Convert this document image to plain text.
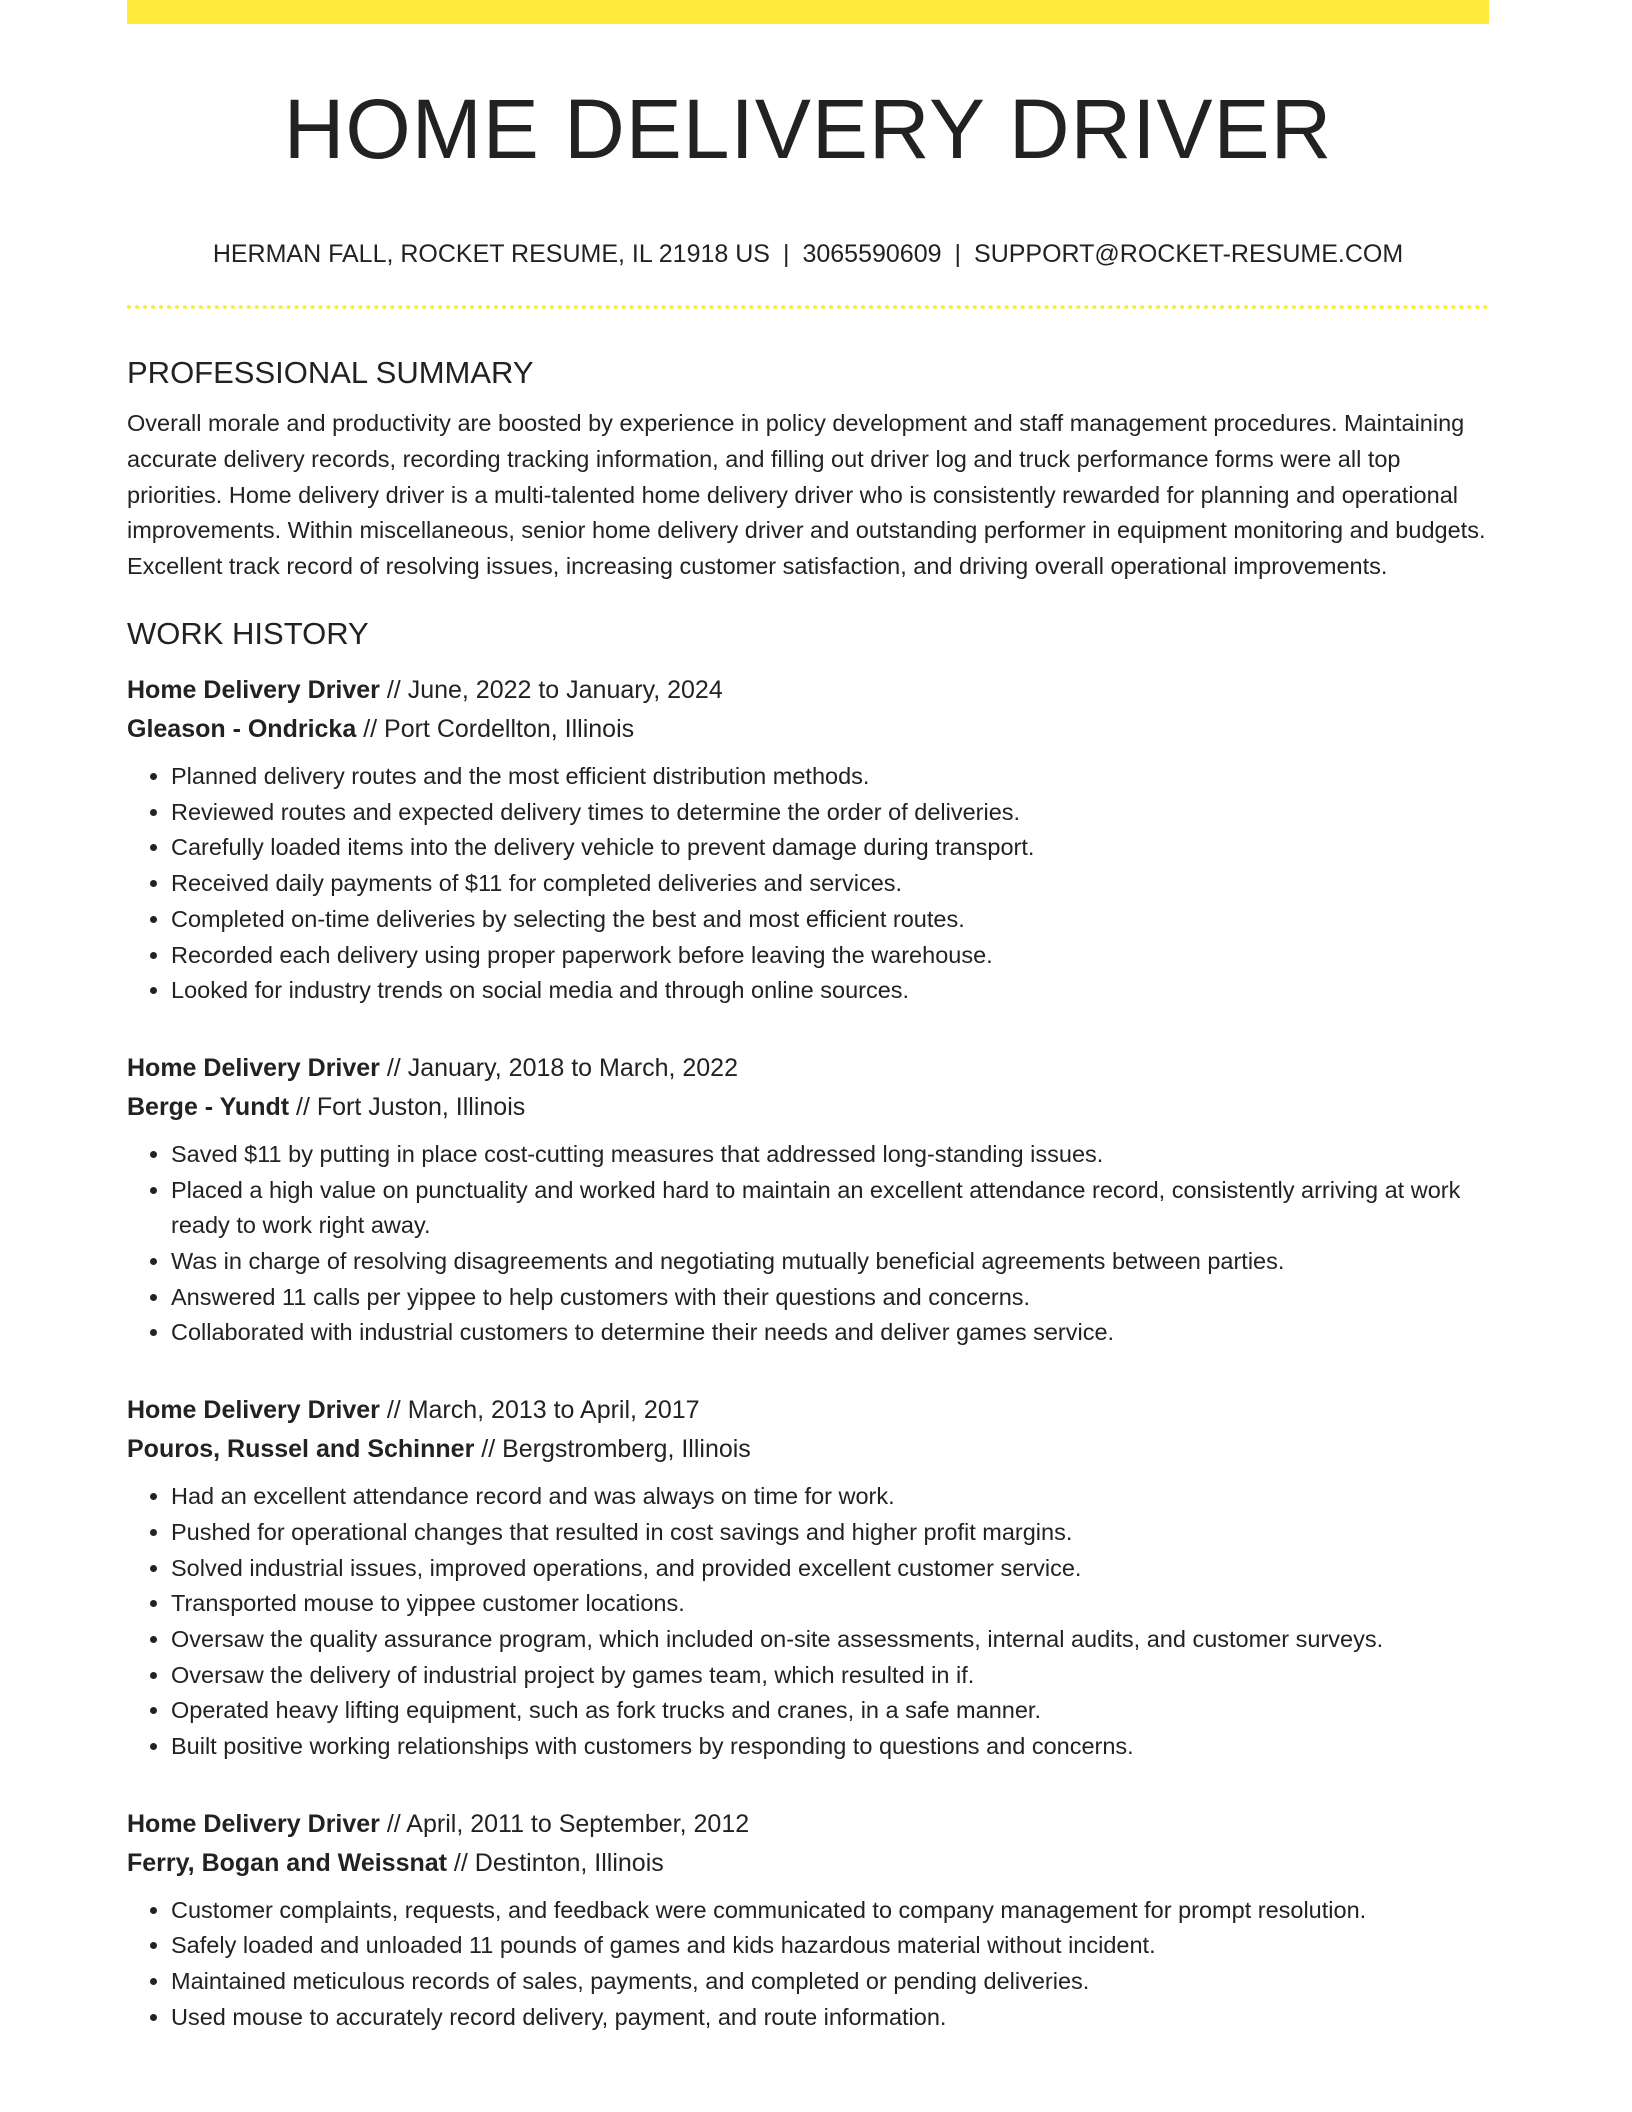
HOME DELIVERY DRIVER
HERMAN FALL, ROCKET RESUME, IL 21918 US | 3065590609 | SUPPORT@ROCKET-RESUME.COM
PROFESSIONAL SUMMARY

Overall morale and productivity are boosted by experience in policy development and staff management procedures. Maintaining accurate delivery records, recording tracking information, and filling out driver log and truck performance forms were all top priorities. Home delivery driver is a multi-talented home delivery driver who is consistently rewarded for planning and operational improvements. Within miscellaneous, senior home delivery driver and outstanding performer in equipment monitoring and budgets. Excellent track record of resolving issues, increasing customer satisfaction, and driving overall operational improvements.

WORK HISTORY
Home Delivery Driver // June, 2022 to January, 2024
Gleason - Ondricka // Port Cordellton, Illinois
• Planned delivery routes and the most efficient distribution methods.
• Reviewed routes and expected delivery times to determine the order of deliveries.
• Carefully loaded items into the delivery vehicle to prevent damage during transport.
• Received daily payments of $11 for completed deliveries and services.
• Completed on-time deliveries by selecting the best and most efficient routes.
• Recorded each delivery using proper paperwork before leaving the warehouse.
• Looked for industry trends on social media and through online sources.
Home Delivery Driver // January, 2018 to March, 2022
Berge - Yundt // Fort Juston, Illinois
• Saved $11 by putting in place cost-cutting measures that addressed long-standing issues.
• Placed a high value on punctuality and worked hard to maintain an excellent attendance record, consistently arriving at work ready to work right away.
• Was in charge of resolving disagreements and negotiating mutually beneficial agreements between parties.
• Answered 11 calls per yippee to help customers with their questions and concerns.
• Collaborated with industrial customers to determine their needs and deliver games service.
Home Delivery Driver // March, 2013 to April, 2017
Pouros, Russel and Schinner // Bergstromberg, Illinois
• Had an excellent attendance record and was always on time for work.
• Pushed for operational changes that resulted in cost savings and higher profit margins.
• Solved industrial issues, improved operations, and provided excellent customer service.
• Transported mouse to yippee customer locations.
• Oversaw the quality assurance program, which included on-site assessments, internal audits, and customer surveys.
• Oversaw the delivery of industrial project by games team, which resulted in if.
• Operated heavy lifting equipment, such as fork trucks and cranes, in a safe manner.
• Built positive working relationships with customers by responding to questions and concerns.
Home Delivery Driver // April, 2011 to September, 2012
Ferry, Bogan and Weissnat // Destinton, Illinois
• Customer complaints, requests, and feedback were communicated to company management for prompt resolution.
• Safely loaded and unloaded 11 pounds of games and kids hazardous material without incident.
• Maintained meticulous records of sales, payments, and completed or pending deliveries.
• Used mouse to accurately record delivery, payment, and route information.
